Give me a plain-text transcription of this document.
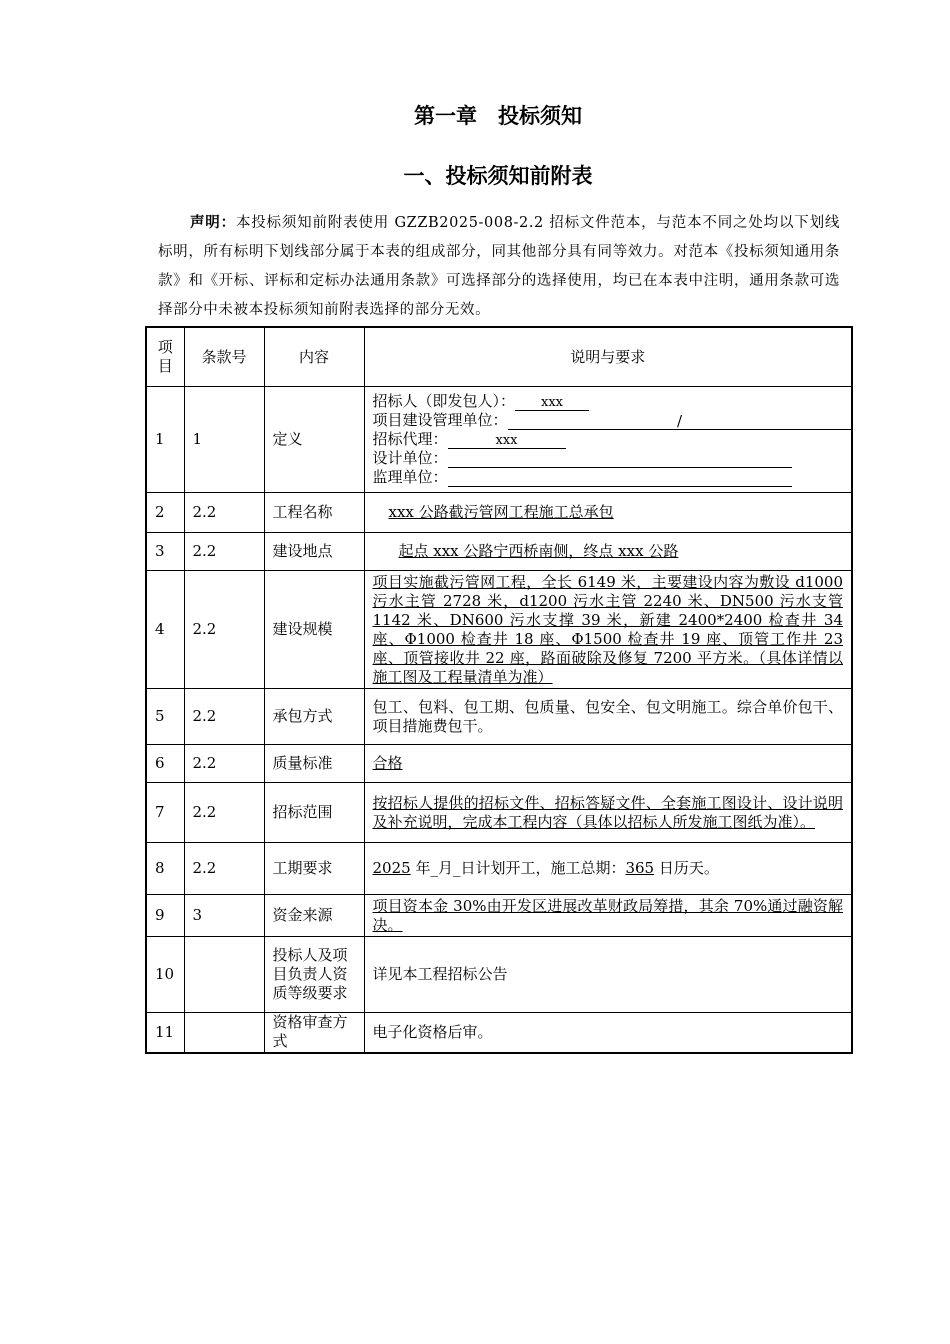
第一章　投标须知
一、投标须知前附表
声明：本投标须知前附表使用 GZZB2025-008-2.2 招标文件范本，与范本不同之处均以下划线标明，所有标明下划线部分属于本表的组成部分，同其他部分具有同等效力。对范本《投标须知通用条款》和《开标、评标和定标办法通用条款》可选择部分的选择使用，均已在本表中注明，通用条款可选择部分中未被本投标须知前附表选择的部分无效。
项目	条款号	内容	说明与要求
1	1	定义	招标人（即发包人）： xxx
项目建设管理单位： /
招标代理： xxx
设计单位：
监理单位：

2	2.2	工程名称	xxx 公路截污管网工程施工总承包
3	2.2	建设地点	起点 xxx 公路宁西桥南侧，终点 xxx 公路
4	2.2	建设规模	项目实施截污管网工程，全长 6149 米，主要建设内容为敷设 d1000 污水主管 2728 米，d1200 污水主管 2240 米、DN500 污水支管 1142 米、DN600 污水支撑 39 米，新建 2400*2400 检查井 34 座、Φ1000 检查井 18 座、Φ1500 检查井 19 座、顶管工作井 23 座、顶管接收井 22 座，路面破除及修复 7200 平方米。（具体详情以施工图及工程量清单为准）
5	2.2	承包方式	包工、包料、包工期、包质量、包安全、包文明施工。综合单价包干、项目措施费包干。
6	2.2	质量标准	合格
7	2.2	招标范围	按招标人提供的招标文件、招标答疑文件、全套施工图设计、设计说明及补充说明，完成本工程内容（具体以招标人所发施工图纸为准）。
8	2.2	工期要求	2025 年_月_日计划开工，施工总期：365 日历天。
9	3	资金来源	项目资本金 30%由开发区进展改革财政局筹措，其余 70%通过融资解决。
10		投标人及项目负责人资质等级要求	详见本工程招标公告
11		资格审查方式	电子化资格后审。
